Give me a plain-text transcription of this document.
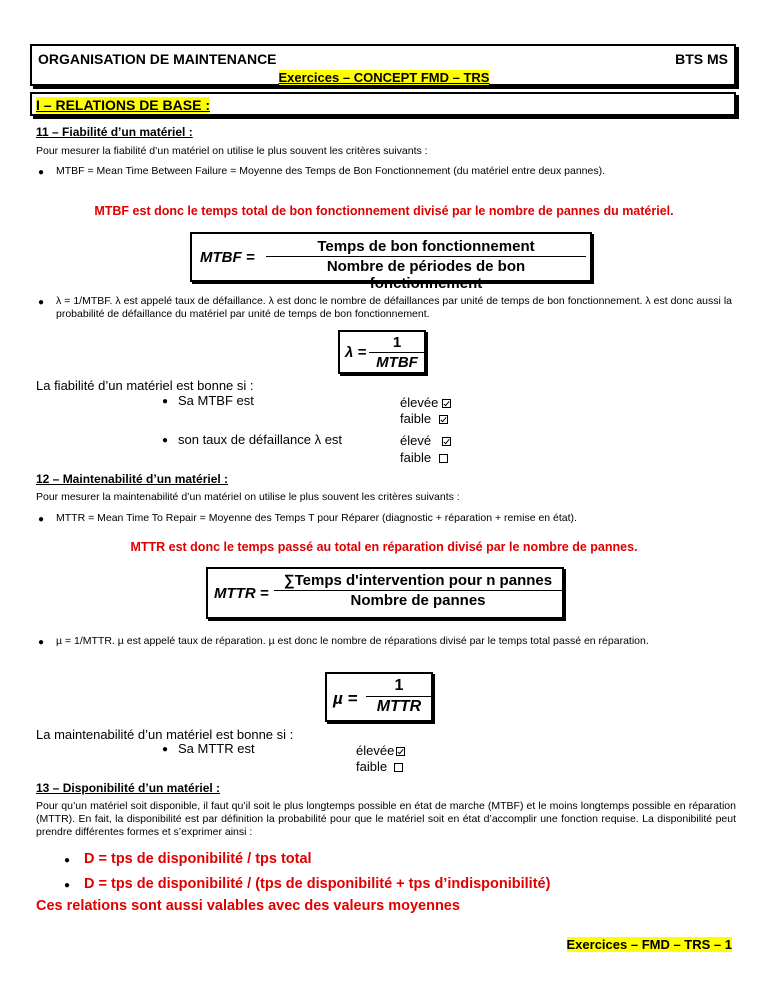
ORGANISATION DE MAINTENANCE	BTS MS
Exercices – CONCEPT FMD – TRS
I – RELATIONS DE BASE :
11 – Fiabilité d’un matériel :
Pour mesurer la fiabilité d’un matériel on utilise le plus souvent les critères suivants :
● MTBF = Mean Time Between Failure = Moyenne des Temps de Bon Fonctionnement (du matériel entre deux pannes).
MTBF est donc le temps total de bon fonctionnement divisé par le nombre de pannes du matériel.
MTBF =
Temps de bon fonctionnement
Nombre de périodes de bon fonctionnement
● λ = 1/MTBF. λ est appelé taux de défaillance. λ est donc le nombre de défaillances par unité de temps de bon fonctionnement. λ est donc aussi la probabilité de défaillance du matériel par unité de temps de bon fonctionnement.
λ =
1
MTBF
La fiabilité d’un matériel est bonne si :
● Sa MTBF est	élevée
faible
● son taux de défaillance λ est	élevé
faible
12 – Maintenabilité d’un matériel :
Pour mesurer la maintenabilité d’un matériel on utilise le plus souvent les critères suivants :
● MTTR = Mean Time To Repair = Moyenne des Temps T pour Réparer (diagnostic + réparation + remise en état).
MTTR est donc le temps passé au total en réparation divisé par le nombre de pannes.
MTTR =
∑Temps d'intervention pour n pannes
Nombre de pannes
● µ = 1/MTTR. µ est appelé taux de réparation. µ est donc le nombre de réparations divisé par le temps total passé en réparation.
µ =
1
MTTR
La maintenabilité d’un matériel est bonne si :
● Sa MTTR est	élevée
faible
13 – Disponibilité d’un matériel :
Pour qu’un matériel soit disponible, il faut qu’il soit le plus longtemps possible en état de marche (MTBF) et le moins longtemps possible en réparation (MTTR). En fait, la disponibilité est par définition la probabilité pour que le matériel soit en état d’accomplir une fonction requise. La disponibilité peut prendre différentes formes et s’exprimer ainsi :
● D = tps de disponibilité / tps total
● D = tps de disponibilité / (tps de disponibilité + tps d’indisponibilité)
Ces relations sont aussi valables avec des valeurs moyennes
Exercices – FMD – TRS – 1
